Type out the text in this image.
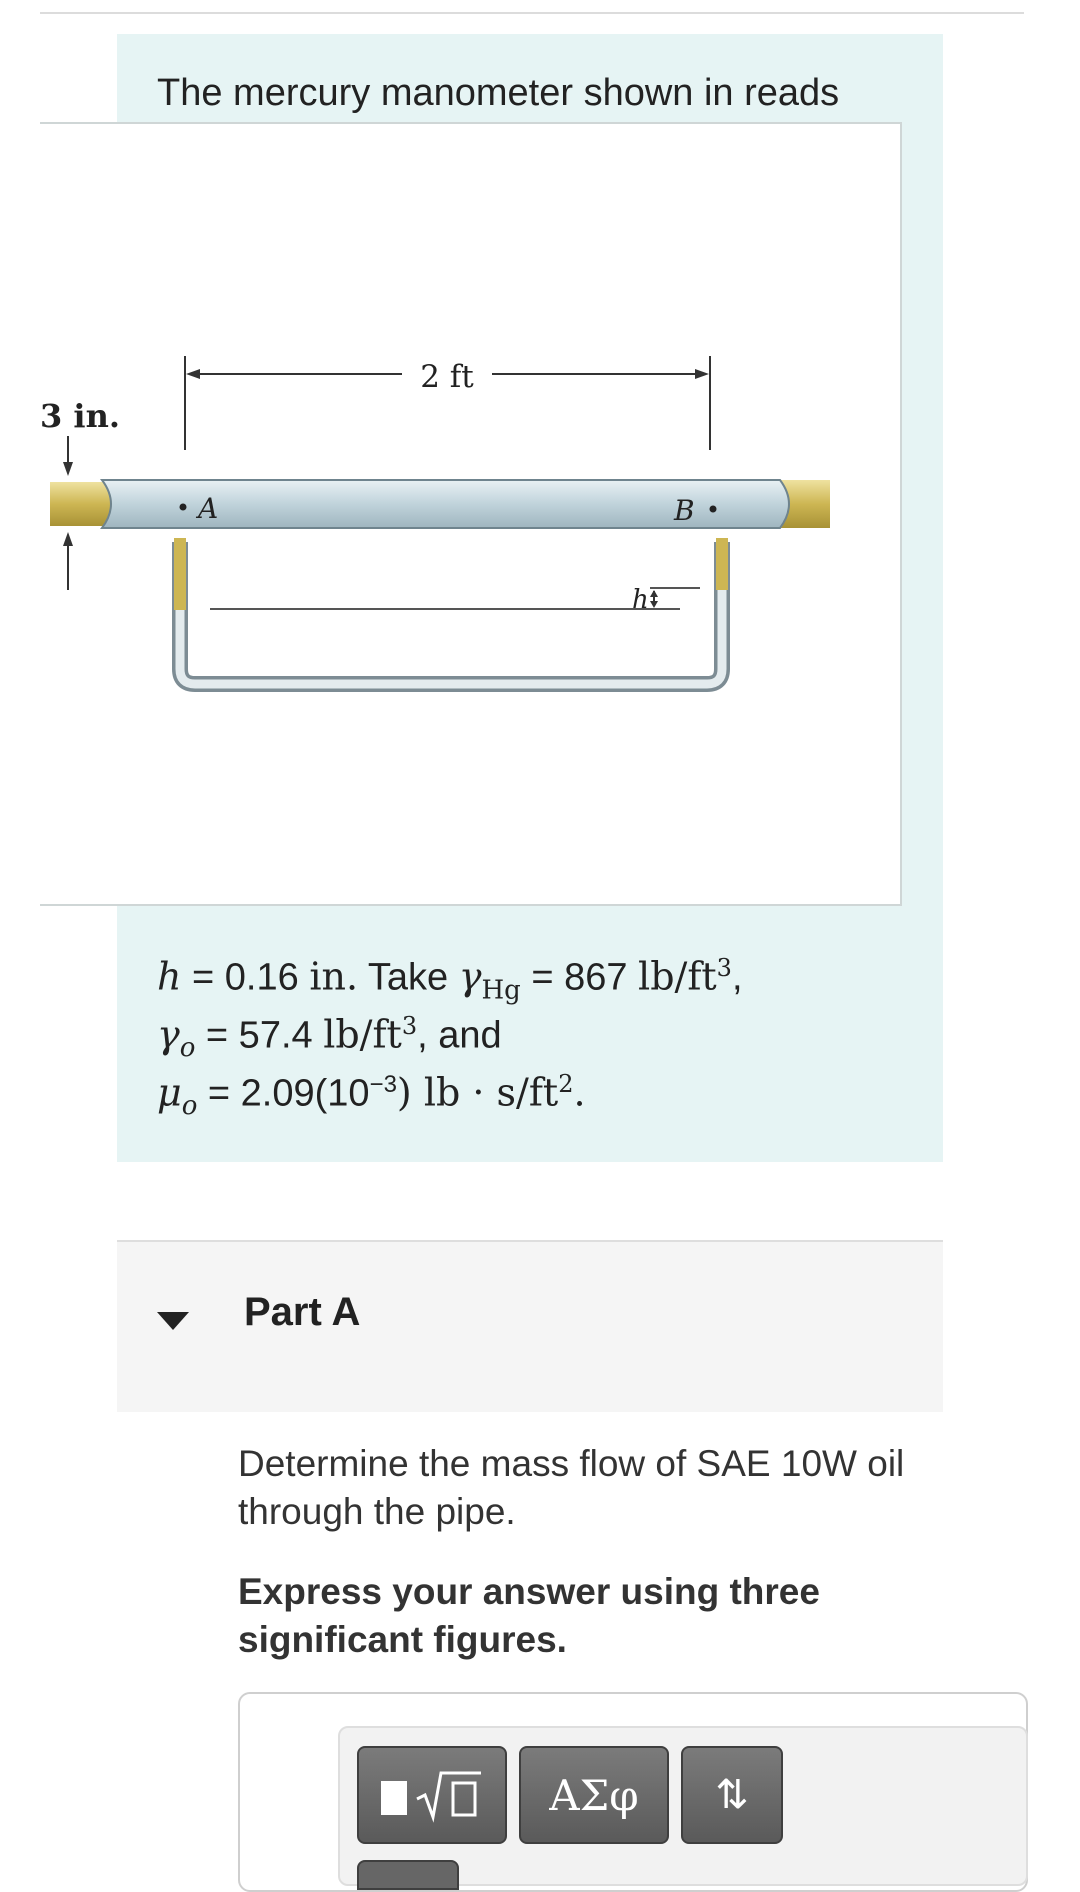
The mercury manometer shown in reads
2 ft
3 in.
h
A	B
h = 0.16 in. Take $\gamma_{Hg} = 867$ $lb/ft^3$,
$\gamma_o = 57.4$ $lb/ft^3$, and
$\mu_o = 2.09(10^{-3})$ lb · $s/ft^2$.
Part A
Determine the mass flow of SAE 10W oil through the pipe.
Express your answer using three significant figures.
ΑΣφ	⇅
